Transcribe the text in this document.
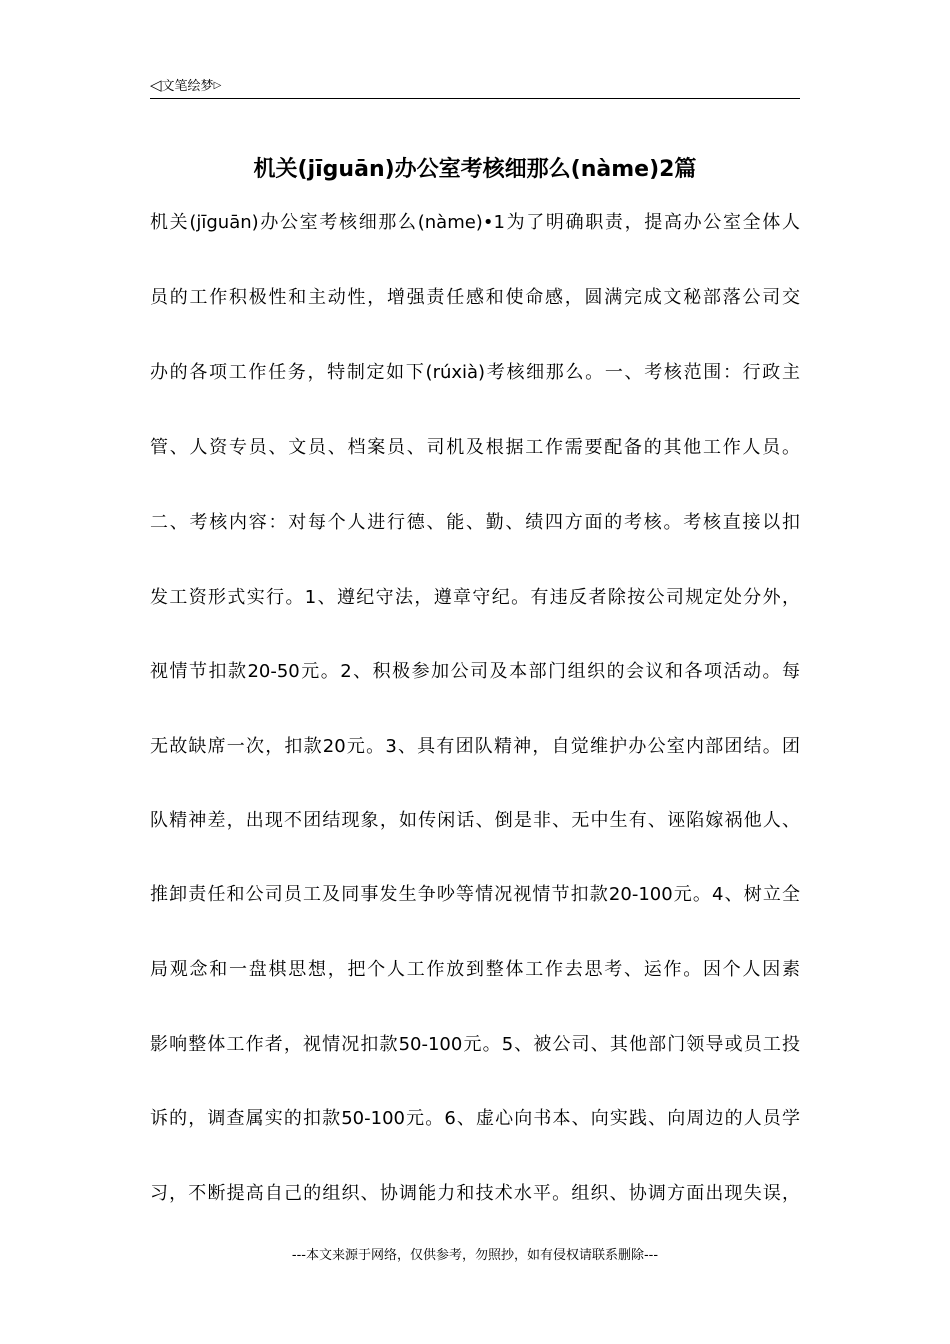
◁文笔绘梦▷
机关(jīguān)办公室考核细那么(nàme)2篇
机关(jīguān)办公室考核细那么(nàme)•1为了明确职责，提高办公室全体人
员的工作积极性和主动性，增强责任感和使命感，圆满完成文秘部落公司交
办的各项工作任务，特制定如下(rúxià)考核细那么。一、考核范围：行政主
管、人资专员、文员、档案员、司机及根据工作需要配备的其他工作人员。
二、考核内容：对每个人进行德、能、勤、绩四方面的考核。考核直接以扣
发工资形式实行。1、遵纪守法，遵章守纪。有违反者除按公司规定处分外，
视情节扣款20-50元。2、积极参加公司及本部门组织的会议和各项活动。每
无故缺席一次，扣款20元。3、具有团队精神，自觉维护办公室内部团结。团
队精神差，出现不团结现象，如传闲话、倒是非、无中生有、诬陷嫁祸他人、
推卸责任和公司员工及同事发生争吵等情况视情节扣款20-100元。4、树立全
局观念和一盘棋思想，把个人工作放到整体工作去思考、运作。因个人因素
影响整体工作者，视情况扣款50-100元。5、被公司、其他部门领导或员工投
诉的，调查属实的扣款50-100元。6、虚心向书本、向实践、向周边的人员学
习，不断提高自己的组织、协调能力和技术水平。组织、协调方面出现失误，
---本文来源于网络，仅供参考，勿照抄，如有侵权请联系删除---
